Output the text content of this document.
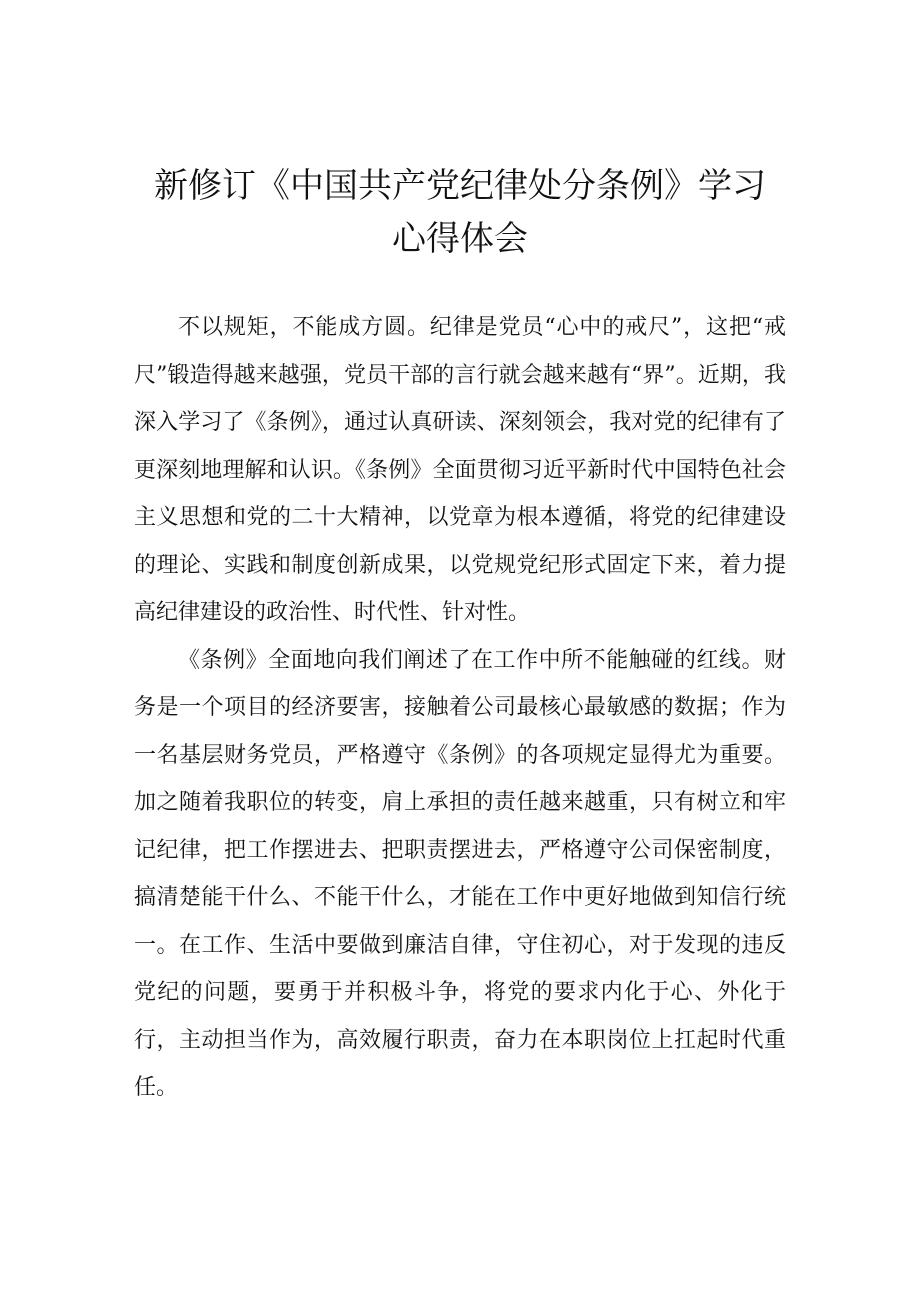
新修订《中国共产党纪律处分条例》学习
心得体会

不以规矩，不能成方圆。纪律是党员“心中的戒尺”，这把“戒尺”锻造得越来越强，党员干部的言行就会越来越有“界”。近期，我深入学习了《条例》，通过认真研读、深刻领会，我对党的纪律有了更深刻地理解和认识。《条例》全面贯彻习近平新时代中国特色社会主义思想和党的二十大精神，以党章为根本遵循，将党的纪律建设的理论、实践和制度创新成果，以党规党纪形式固定下来，着力提高纪律建设的政治性、时代性、针对性。

《条例》全面地向我们阐述了在工作中所不能触碰的红线。财务是一个项目的经济要害，接触着公司最核心最敏感的数据；作为一名基层财务党员，严格遵守《条例》的各项规定显得尤为重要。加之随着我职位的转变，肩上承担的责任越来越重，只有树立和牢记纪律，把工作摆进去、把职责摆进去，严格遵守公司保密制度，搞清楚能干什么、不能干什么，才能在工作中更好地做到知信行统一。在工作、生活中要做到廉洁自律，守住初心，对于发现的违反党纪的问题，要勇于并积极斗争，将党的要求内化于心、外化于行，主动担当作为，高效履行职责，奋力在本职岗位上扛起时代重任。
